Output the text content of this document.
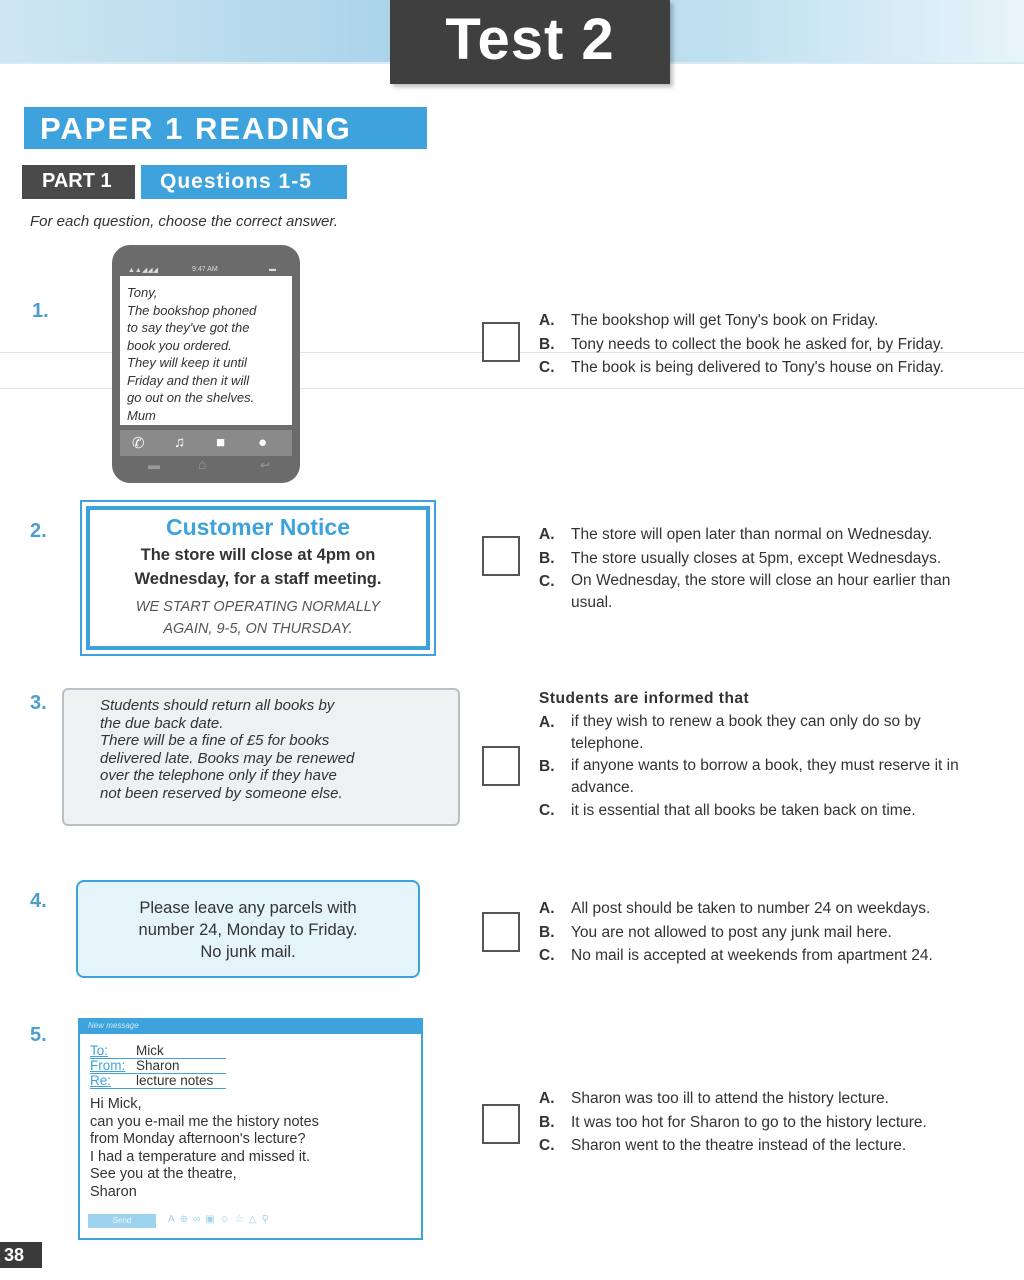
Test 2
PAPER 1 READING
PART 1	Questions 1-5
For each question, choose the correct answer.
1.
▲▲◢◢◢	9:47 AM	▬
Tony,
The bookshop phoned
to say they've got the
book you ordered.
They will keep it until
Friday and then it will
go out on the shelves.
Mum
✆ ♫ ■ ●
▬	⌂	↩
A.	The bookshop will get Tony's book on Friday.
B.	Tony needs to collect the book he asked for, by Friday.
C.	The book is being delivered to Tony's house on Friday.
2.	Customer Notice
The store will close at 4pm on
Wednesday, for a staff meeting.
WE START OPERATING NORMALLY
AGAIN, 9-5, ON THURSDAY.
A.	The store will open later than normal on Wednesday.
B.	The store usually closes at 5pm, except Wednesdays.
C.	On Wednesday, the store will close an hour earlier than usual.
3.	Students should return all books by
the due back date.
There will be a fine of £5 for books
delivered late. Books may be renewed
over the telephone only if they have
not been reserved by someone else.
Students are informed that
A.	if they wish to renew a book they can only do so by telephone.
B.	if anyone wants to borrow a book, they must reserve it in advance.
C.	it is essential that all books be taken back on time.
4.	Please leave any parcels with
number 24, Monday to Friday.
No junk mail.
A.	All post should be taken to number 24 on weekdays.
B.	You are not allowed to post any junk mail here.
C.	No mail is accepted at weekends from apartment 24.
5.	New message
To: Mick
From: Sharon
Re: lecture notes
Hi Mick,
can you e-mail me the history notes
from Monday afternoon's lecture?
I had a temperature and missed it.
See you at the theatre,
Sharon
Send	A⊕∞▣☺☆△⚲
A.	Sharon was too ill to attend the history lecture.
B.	It was too hot for Sharon to go to the history lecture.
C.	Sharon went to the theatre instead of the lecture.
38
